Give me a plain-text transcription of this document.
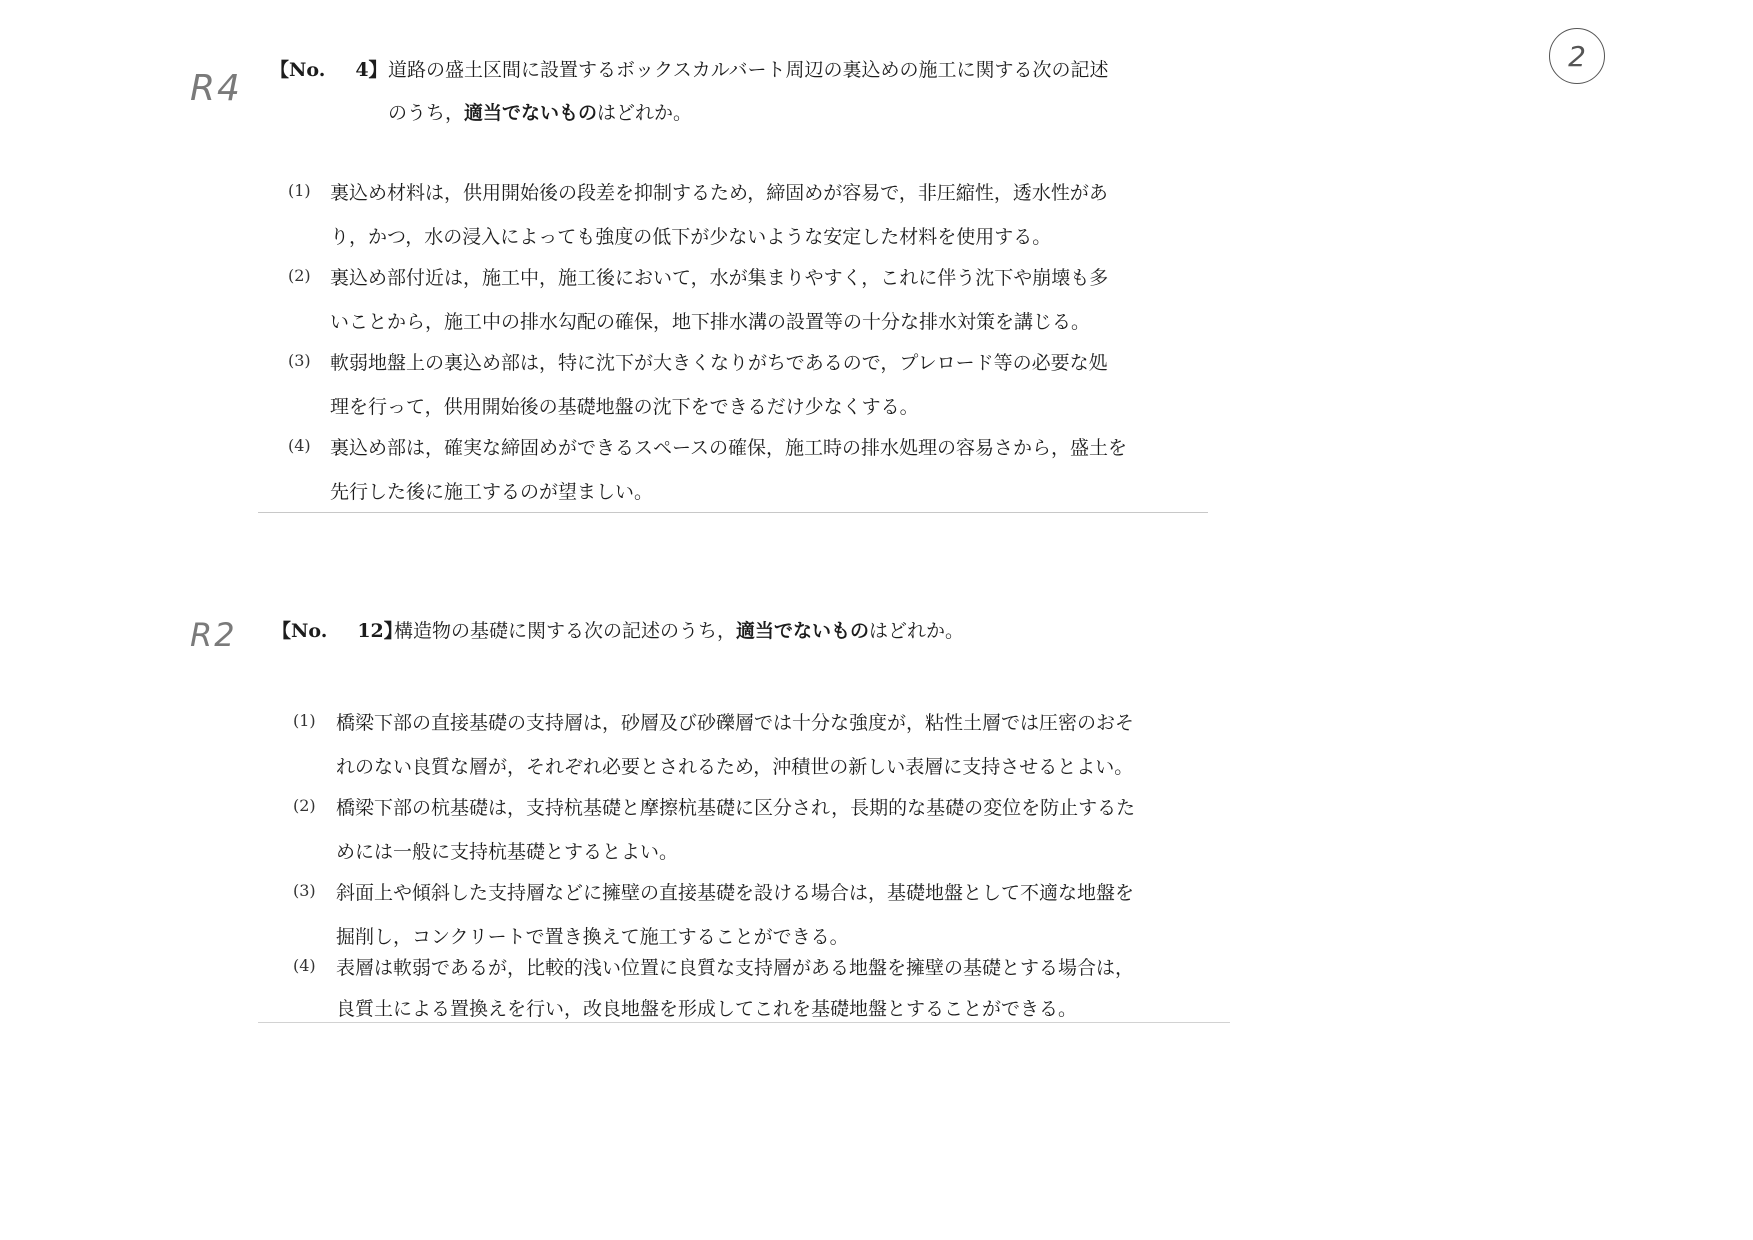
R4
R2
2
【No. 4】 道路の盛土区間に設置するボックスカルバート周辺の裏込めの施工に関する次の記述
のうち，適当でないものはどれか。
(1) 裏込め材料は，供用開始後の段差を抑制するため，締固めが容易で，非圧縮性，透水性があ
り，かつ，水の浸入によっても強度の低下が少ないような安定した材料を使用する。
(2) 裏込め部付近は，施工中，施工後において，水が集まりやすく，これに伴う沈下や崩壊も多
いことから，施工中の排水勾配の確保，地下排水溝の設置等の十分な排水対策を講じる。
(3) 軟弱地盤上の裏込め部は，特に沈下が大きくなりがちであるので，プレロード等の必要な処
理を行って，供用開始後の基礎地盤の沈下をできるだけ少なくする。
(4) 裏込め部は，確実な締固めができるスペースの確保，施工時の排水処理の容易さから，盛土を
先行した後に施工するのが望ましい。
【No. 12】
構造物の基礎に関する次の記述のうち，適当でないものはどれか。
(1) 橋梁下部の直接基礎の支持層は，砂層及び砂礫層では十分な強度が，粘性土層では圧密のおそ
れのない良質な層が，それぞれ必要とされるため，沖積世の新しい表層に支持させるとよい。
(2) 橋梁下部の杭基礎は，支持杭基礎と摩擦杭基礎に区分され，長期的な基礎の変位を防止するた
めには一般に支持杭基礎とするとよい。
(3) 斜面上や傾斜した支持層などに擁壁の直接基礎を設ける場合は，基礎地盤として不適な地盤を
掘削し，コンクリートで置き換えて施工することができる。
(4) 表層は軟弱であるが，比較的浅い位置に良質な支持層がある地盤を擁壁の基礎とする場合は，
良質土による置換えを行い，改良地盤を形成してこれを基礎地盤とすることができる。
